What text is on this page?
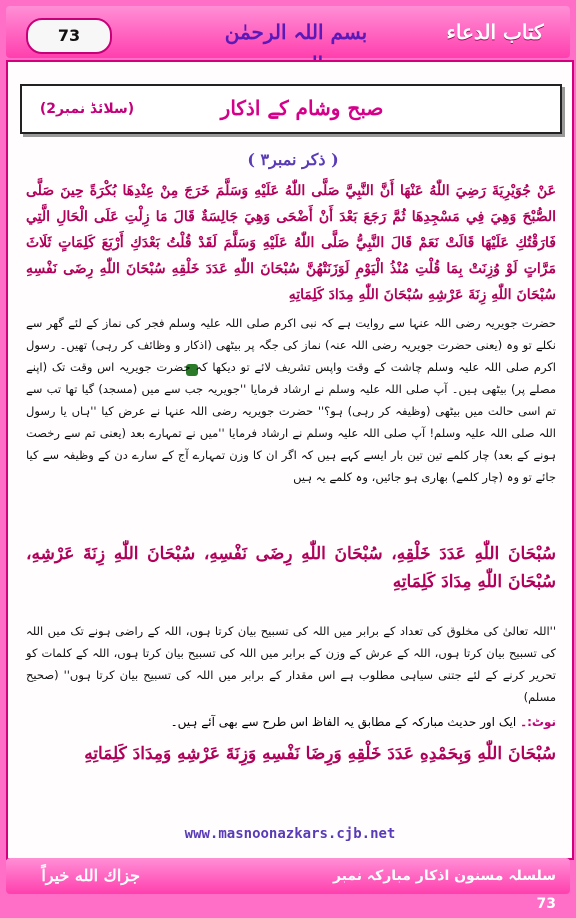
73	بسم اللہ الرحمٰن	کتاب الدعاء
صبح وشام کے اذکار
(سلائڈ نمبر2)
( ذکر نمبر۳ )
عَنْ جُوَيْرِيَةَ رَضِيَ اللّٰهُ عَنْهَا أَنَّ النَّبِيَّ صَلَّى اللّٰهُ عَلَيْهِ وَسَلَّمَ خَرَجَ مِنْ عِنْدِهَا بُكْرَةً حِينَ صَلَّى الصُّبْحَ وَهِيَ فِي مَسْجِدِهَا ثُمَّ رَجَعَ بَعْدَ أَنْ أَضْحَى وَهِيَ جَالِسَةٌ قَالَ مَا زِلْتِ عَلَى الْحَالِ الَّتِي فَارَقْتُكِ عَلَيْهَا قَالَتْ نَعَمْ قَالَ النَّبِيُّ صَلَّى اللّٰهُ عَلَيْهِ وَسَلَّمَ لَقَدْ قُلْتُ بَعْدَكِ أَرْبَعَ كَلِمَاتٍ ثَلَاثَ مَرَّاتٍ لَوْ وُزِنَتْ بِمَا قُلْتِ مُنْذُ الْيَوْمِ لَوَزَنَتْهُنَّ سُبْحَانَ اللّٰهِ عَدَدَ خَلْقِهِ سُبْحَانَ اللّٰهِ رِضَى نَفْسِهِ سُبْحَانَ اللّٰهِ زِنَةَ عَرْشِهِ سُبْحَانَ اللّٰهِ مِدَادَ كَلِمَاتِهِ
حضرت جویریہ رضی اللہ عنہا سے روایت ہے کہ نبی اکرم صلی اللہ علیہ وسلم فجر کی نماز کے لئے گھر سے نکلے تو وہ (یعنی حضرت جویریہ رضی اللہ عنہ) نماز کی جگہ پر بیٹھی (اذکار و وظائف کر رہی) تھیں۔ رسول اکرم صلی اللہ علیہ وسلم چاشت کے وقت واپس تشریف لائے تو دیکھا کہ حضرت جویریہ اس وقت تک (اپنے مصلے پر) بیٹھی ہیں۔ آپ صلی اللہ علیہ وسلم نے ارشاد فرمایا ''جویریہ جب سے میں (مسجد) گیا تھا تب سے تم اسی حالت میں بیٹھی (وظیفہ کر رہی) ہو؟'' حضرت جویریہ رضی اللہ عنہا نے عرض کیا ''ہاں یا رسول اللہ صلی اللہ علیہ وسلم! آپ صلی اللہ علیہ وسلم نے ارشاد فرمایا ''میں نے تمہارے بعد (یعنی تم سے رخصت ہونے کے بعد) چار کلمے تین تین بار ایسے کہے ہیں کہ اگر ان کا وزن تمہارے آج کے سارے دن کے وظیفہ سے کیا جائے تو وہ (چار کلمے) بھاری ہو جائیں، وہ کلمے یہ ہیں
سُبْحَانَ اللّٰهِ عَدَدَ خَلْقِهِ، سُبْحَانَ اللّٰهِ رِضَى نَفْسِهِ، سُبْحَانَ اللّٰهِ زِنَةَ عَرْشِهِ، سُبْحَانَ اللّٰهِ مِدَادَ كَلِمَاتِهِ
''اللہ تعالیٰ کی مخلوق کی تعداد کے برابر میں اللہ کی تسبیح بیان کرتا ہوں، اللہ کے راضی ہونے تک میں اللہ کی تسبیح بیان کرتا ہوں، اللہ کے عرش کے وزن کے برابر میں اللہ کی تسبیح بیان کرتا ہوں، اللہ کے کلمات کو تحریر کرنے کے لئے جتنی سیاہی مطلوب ہے اس مقدار کے برابر میں اللہ کی تسبیح بیان کرتا ہوں'' (صحیح مسلم)
نوٹ:۔ ایک اور حدیث مبارکہ کے مطابق یہ الفاظ اس طرح سے بھی آئے ہیں۔
سُبْحَانَ اللّٰهِ وَبِحَمْدِهِ عَدَدَ خَلْقِهِ وَرِضَا نَفْسِهِ وَزِنَةَ عَرْشِهِ وَمِدَادَ كَلِمَاتِهِ
www.masnoonazkars.cjb.net
جزاك الله خيراً	سلسلہ مسنون اذکار مبارکہ نمبر 73
